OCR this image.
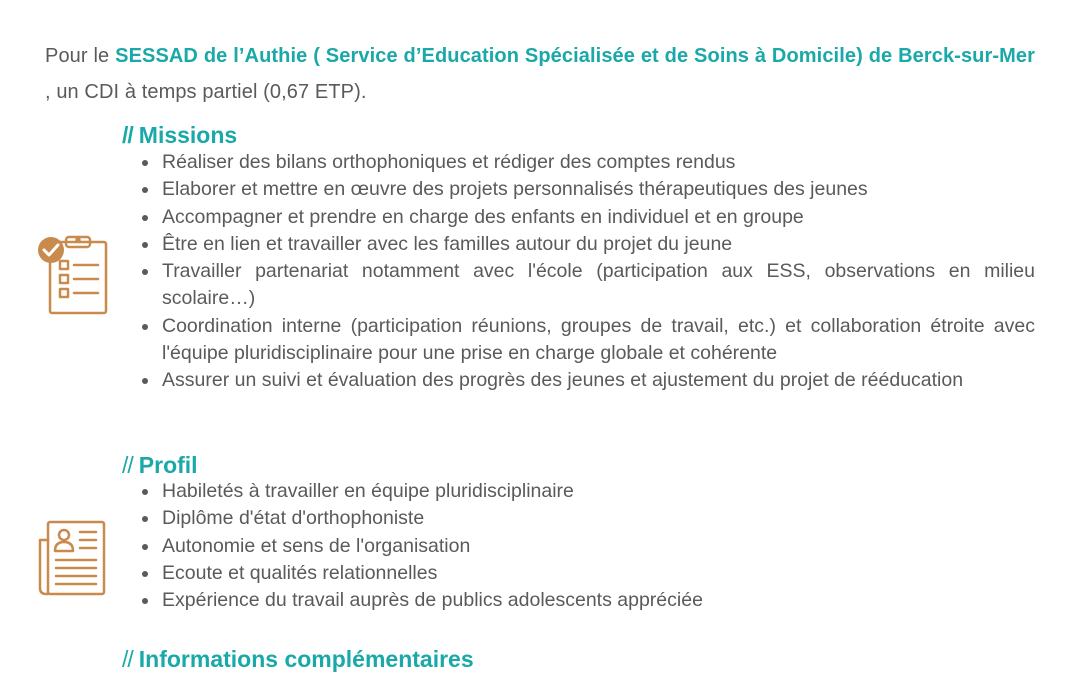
Pour le SESSAD de l’Authie ( Service d’Education Spécialisée et de Soins à Domicile) de Berck-sur-Mer , un CDI à temps partiel (0,67 ETP).

// Missions
Réaliser des bilans orthophoniques et rédiger des comptes rendus
Elaborer et mettre en œuvre des projets personnalisés thérapeutiques des jeunes
Accompagner et prendre en charge des enfants en individuel et en groupe
Être en lien et travailler avec les familles autour du projet du jeune
Travailler partenariat notamment avec l'école (participation aux ESS, observations en milieu scolaire…)
Coordination interne (participation réunions, groupes de travail, etc.) et collaboration étroite avec l'équipe pluridisciplinaire pour une prise en charge globale et cohérente
Assurer un suivi et évaluation des progrès des jeunes et ajustement du projet de rééducation
// Profil
Habiletés à travailler en équipe pluridisciplinaire
Diplôme d'état d'orthophoniste
Autonomie et sens de l'organisation
Ecoute et qualités relationnelles
Expérience du travail auprès de publics adolescents appréciée
// Informations complémentaires
